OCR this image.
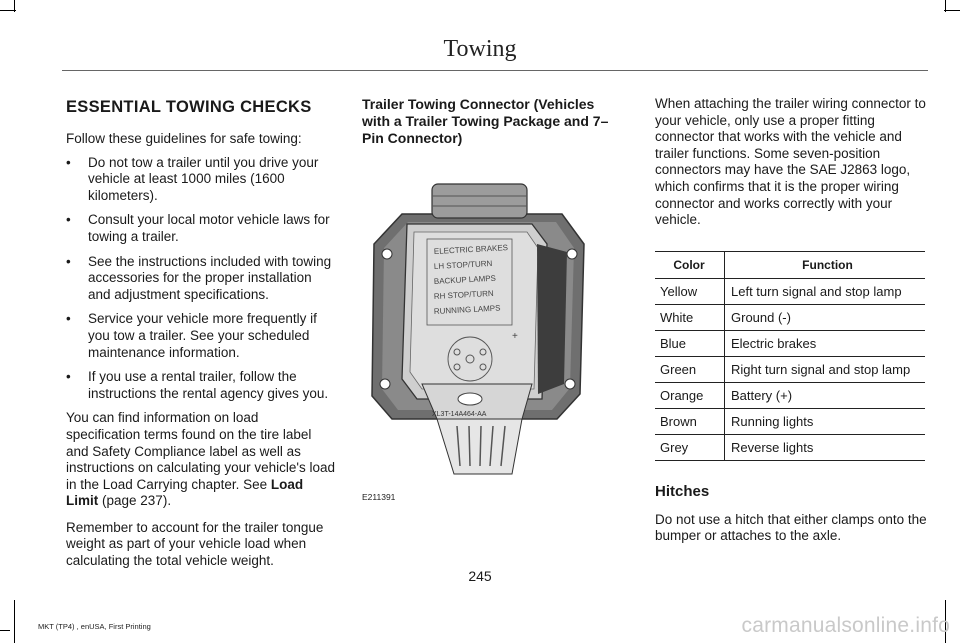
Towing
ESSENTIAL TOWING CHECKS

Follow these guidelines for safe towing:

• Do not tow a trailer until you drive your vehicle at least 1000 miles (1600 kilometers).
• Consult your local motor vehicle laws for towing a trailer.
• See the instructions included with towing accessories for the proper installation and adjustment specifications.
• Service your vehicle more frequently if you tow a trailer. See your scheduled maintenance information.
• If you use a rental trailer, follow the instructions the rental agency gives you.

You can find information on load specification terms found on the tire label and Safety Compliance label as well as instructions on calculating your vehicle's load in the Load Carrying chapter. See Load Limit (page 237).

Remember to account for the trailer tongue weight as part of your vehicle load when calculating the total vehicle weight.

Trailer Towing Connector (Vehicles with a Trailer Towing Package and 7–Pin Connector)

ELECTRIC BRAKES
LH STOP/TURN
BACKUP LAMPS
RH STOP/TURN
RUNNING LAMPS
+
XL3T-14A464-AA
E211391

When attaching the trailer wiring connector to your vehicle, only use a proper fitting connector that works with the vehicle and trailer functions. Some seven-position connectors may have the SAE J2863 logo, which confirms that it is the proper wiring connector and works correctly with your vehicle.

Color	Function
Yellow	Left turn signal and stop lamp
White	Ground (-)
Blue	Electric brakes
Green	Right turn signal and stop lamp
Orange	Battery (+)
Brown	Running lights
Grey	Reverse lights
Hitches

Do not use a hitch that either clamps onto the bumper or attaches to the axle.

245
MKT (TP4) , enUSA, First Printing	carmanualsonline.info
